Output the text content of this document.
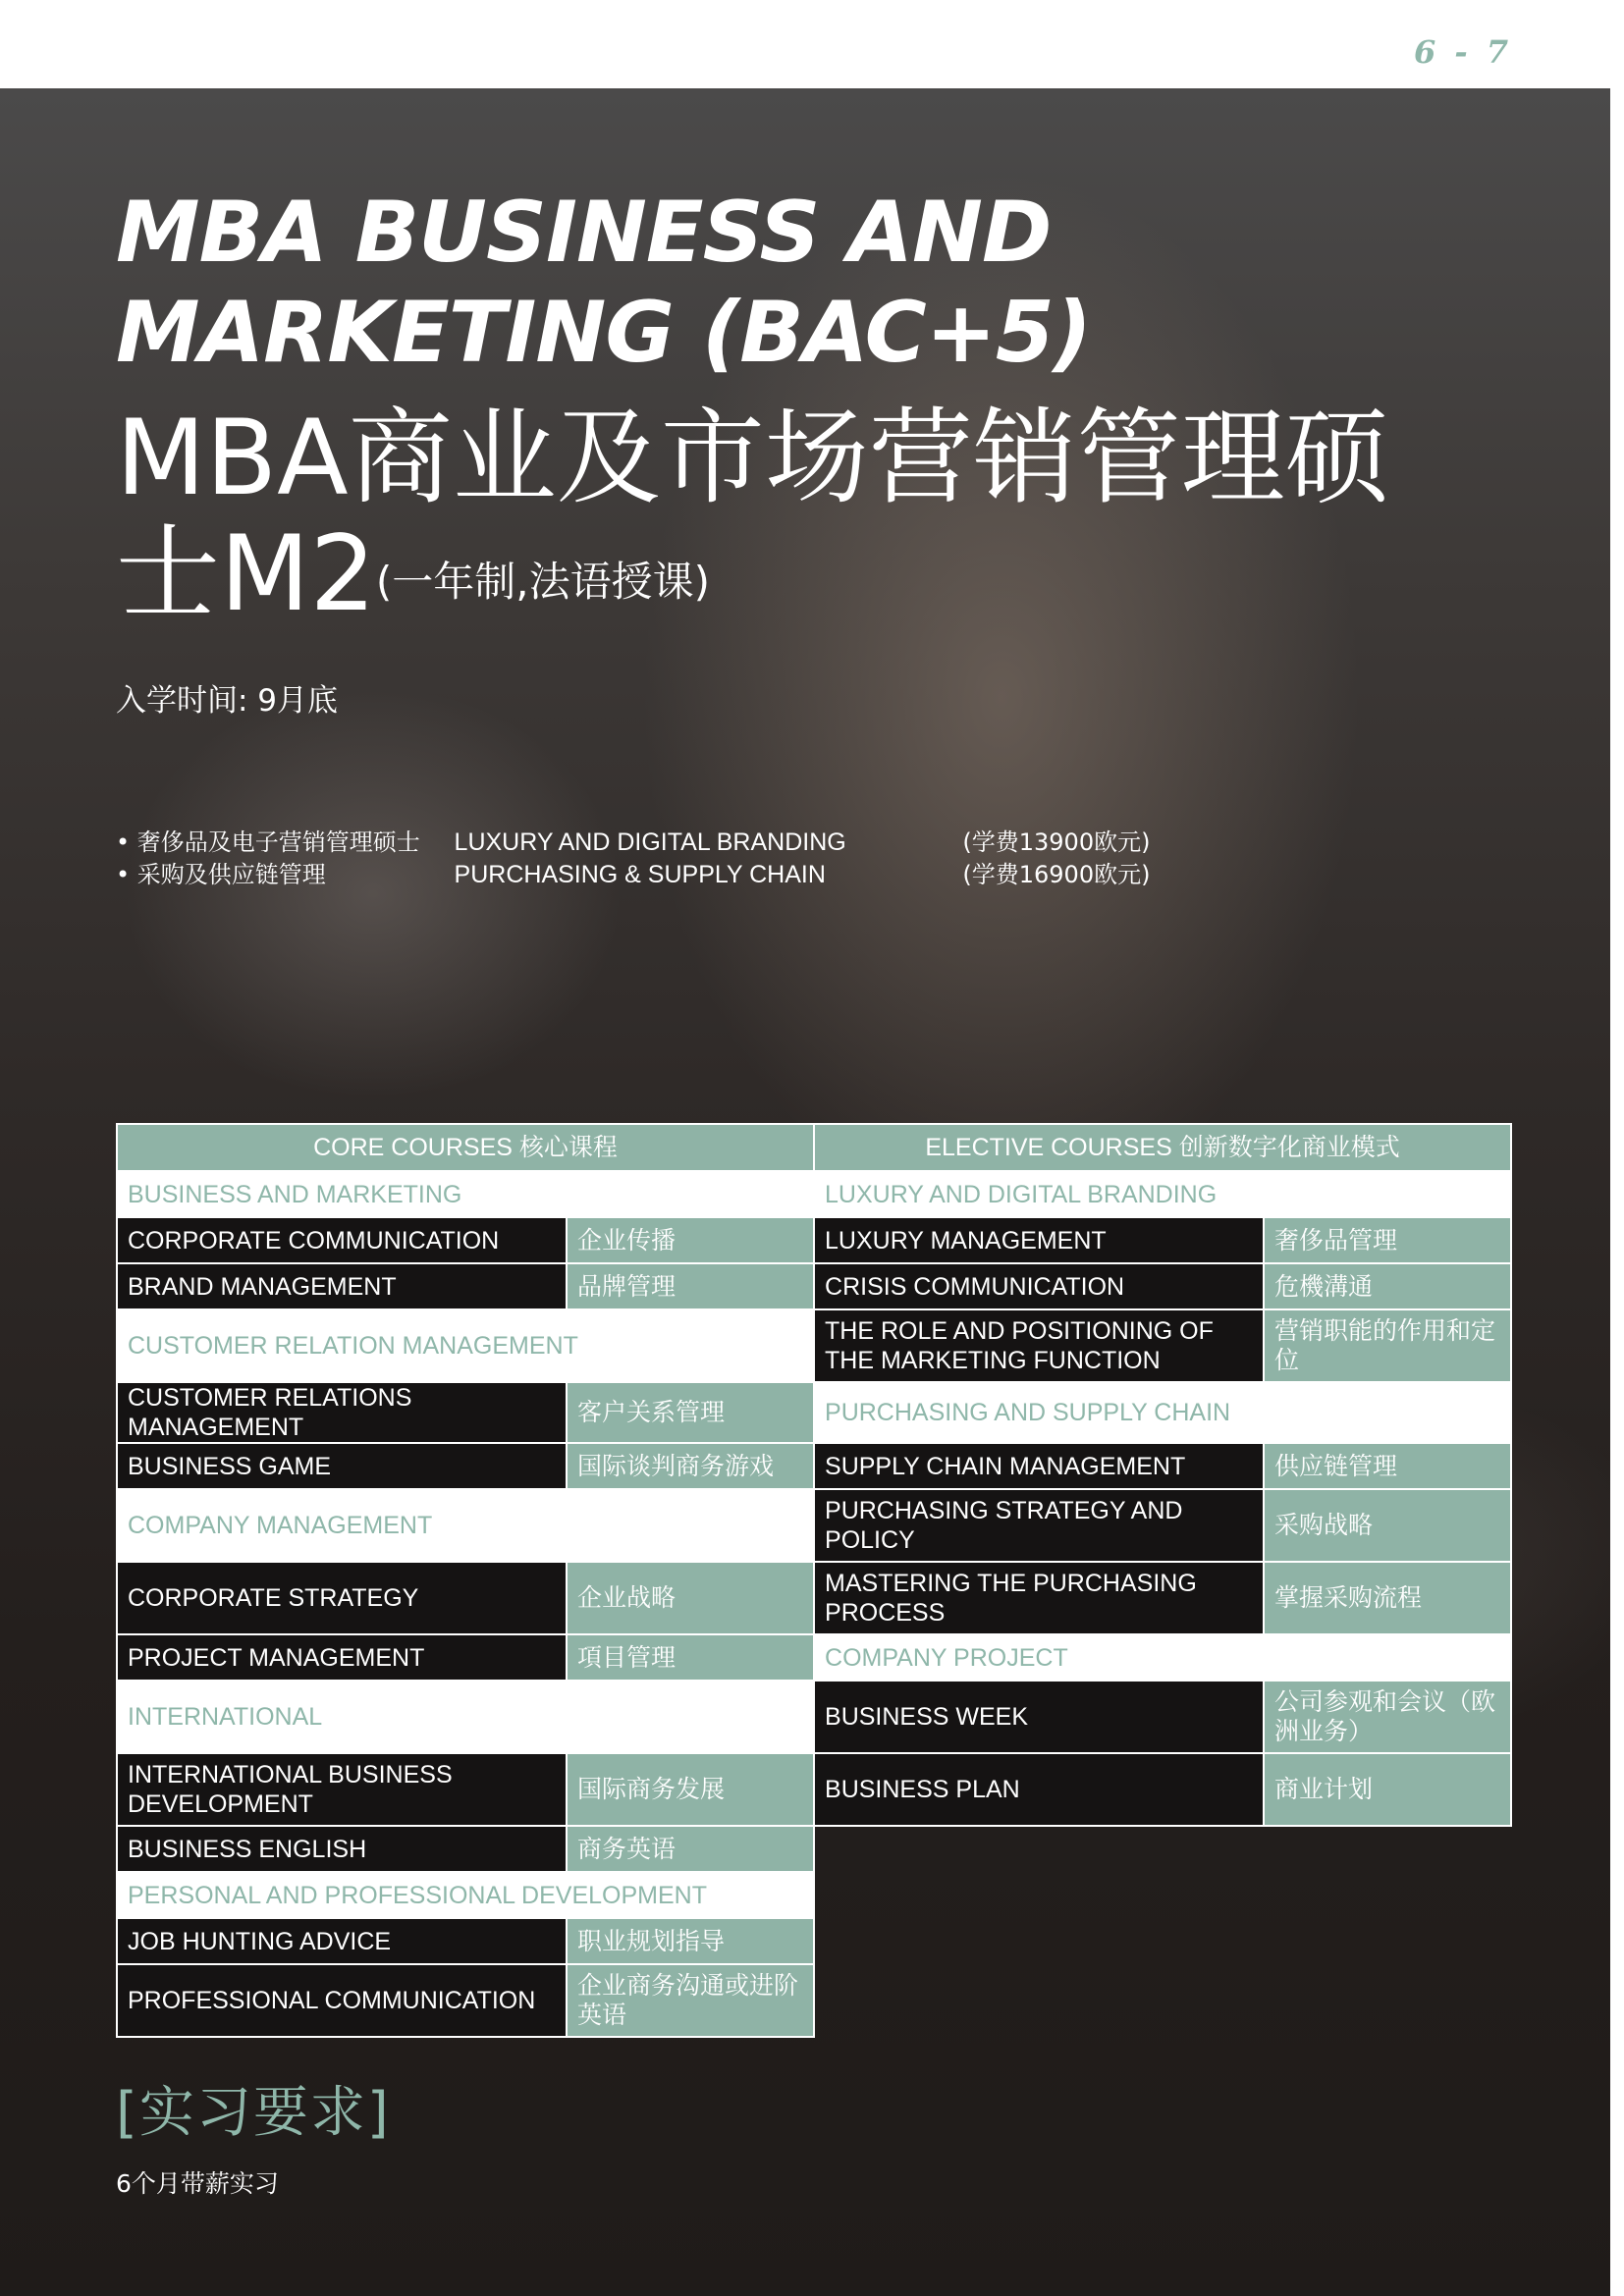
6 - 7
MBA BUSINESS AND
MARKETING (BAC+5)
MBA商业及市场营销管理硕
士M2(一年制,法语授课)
入学时间: 9月底
• 奢侈品及电子营销管理硕士	LUXURY AND DIGITAL BRANDING	(学费13900欧元)
• 采购及供应链管理	PURCHASING & SUPPLY CHAIN	(学费16900欧元)
CORE COURSES 核心课程		ELECTIVE COURSES 创新数字化商业模式	
BUSINESS AND MARKETING		LUXURY AND DIGITAL BRANDING	
CORPORATE COMMUNICATION	企业传播	LUXURY MANAGEMENT	奢侈品管理
BRAND MANAGEMENT	品牌管理	CRISIS COMMUNICATION	危機溝通
CUSTOMER RELATION MANAGEMENT		THE ROLE AND POSITIONING OF THE MARKETING FUNCTION	营销职能的作用和定位
CUSTOMER RELATIONS MANAGEMENT	客户关系管理	PURCHASING AND SUPPLY CHAIN	
BUSINESS GAME	国际谈判商务游戏	SUPPLY CHAIN MANAGEMENT	供应链管理
COMPANY MANAGEMENT		PURCHASING STRATEGY AND POLICY	采购战略
CORPORATE STRATEGY	企业战略	MASTERING THE PURCHASING PROCESS	掌握采购流程
PROJECT MANAGEMENT	項目管理	COMPANY PROJECT	
INTERNATIONAL		BUSINESS WEEK	公司参观和会议（欧洲业务）
INTERNATIONAL BUSINESS DEVELOPMENT	国际商务发展	BUSINESS PLAN	商业计划
BUSINESS ENGLISH	商务英语		
PERSONAL AND PROFESSIONAL DEVELOPMENT			
JOB HUNTING ADVICE	职业规划指导		
PROFESSIONAL COMMUNICATION	企业商务沟通或进阶英语		
[实习要求]
6个月带薪实习
